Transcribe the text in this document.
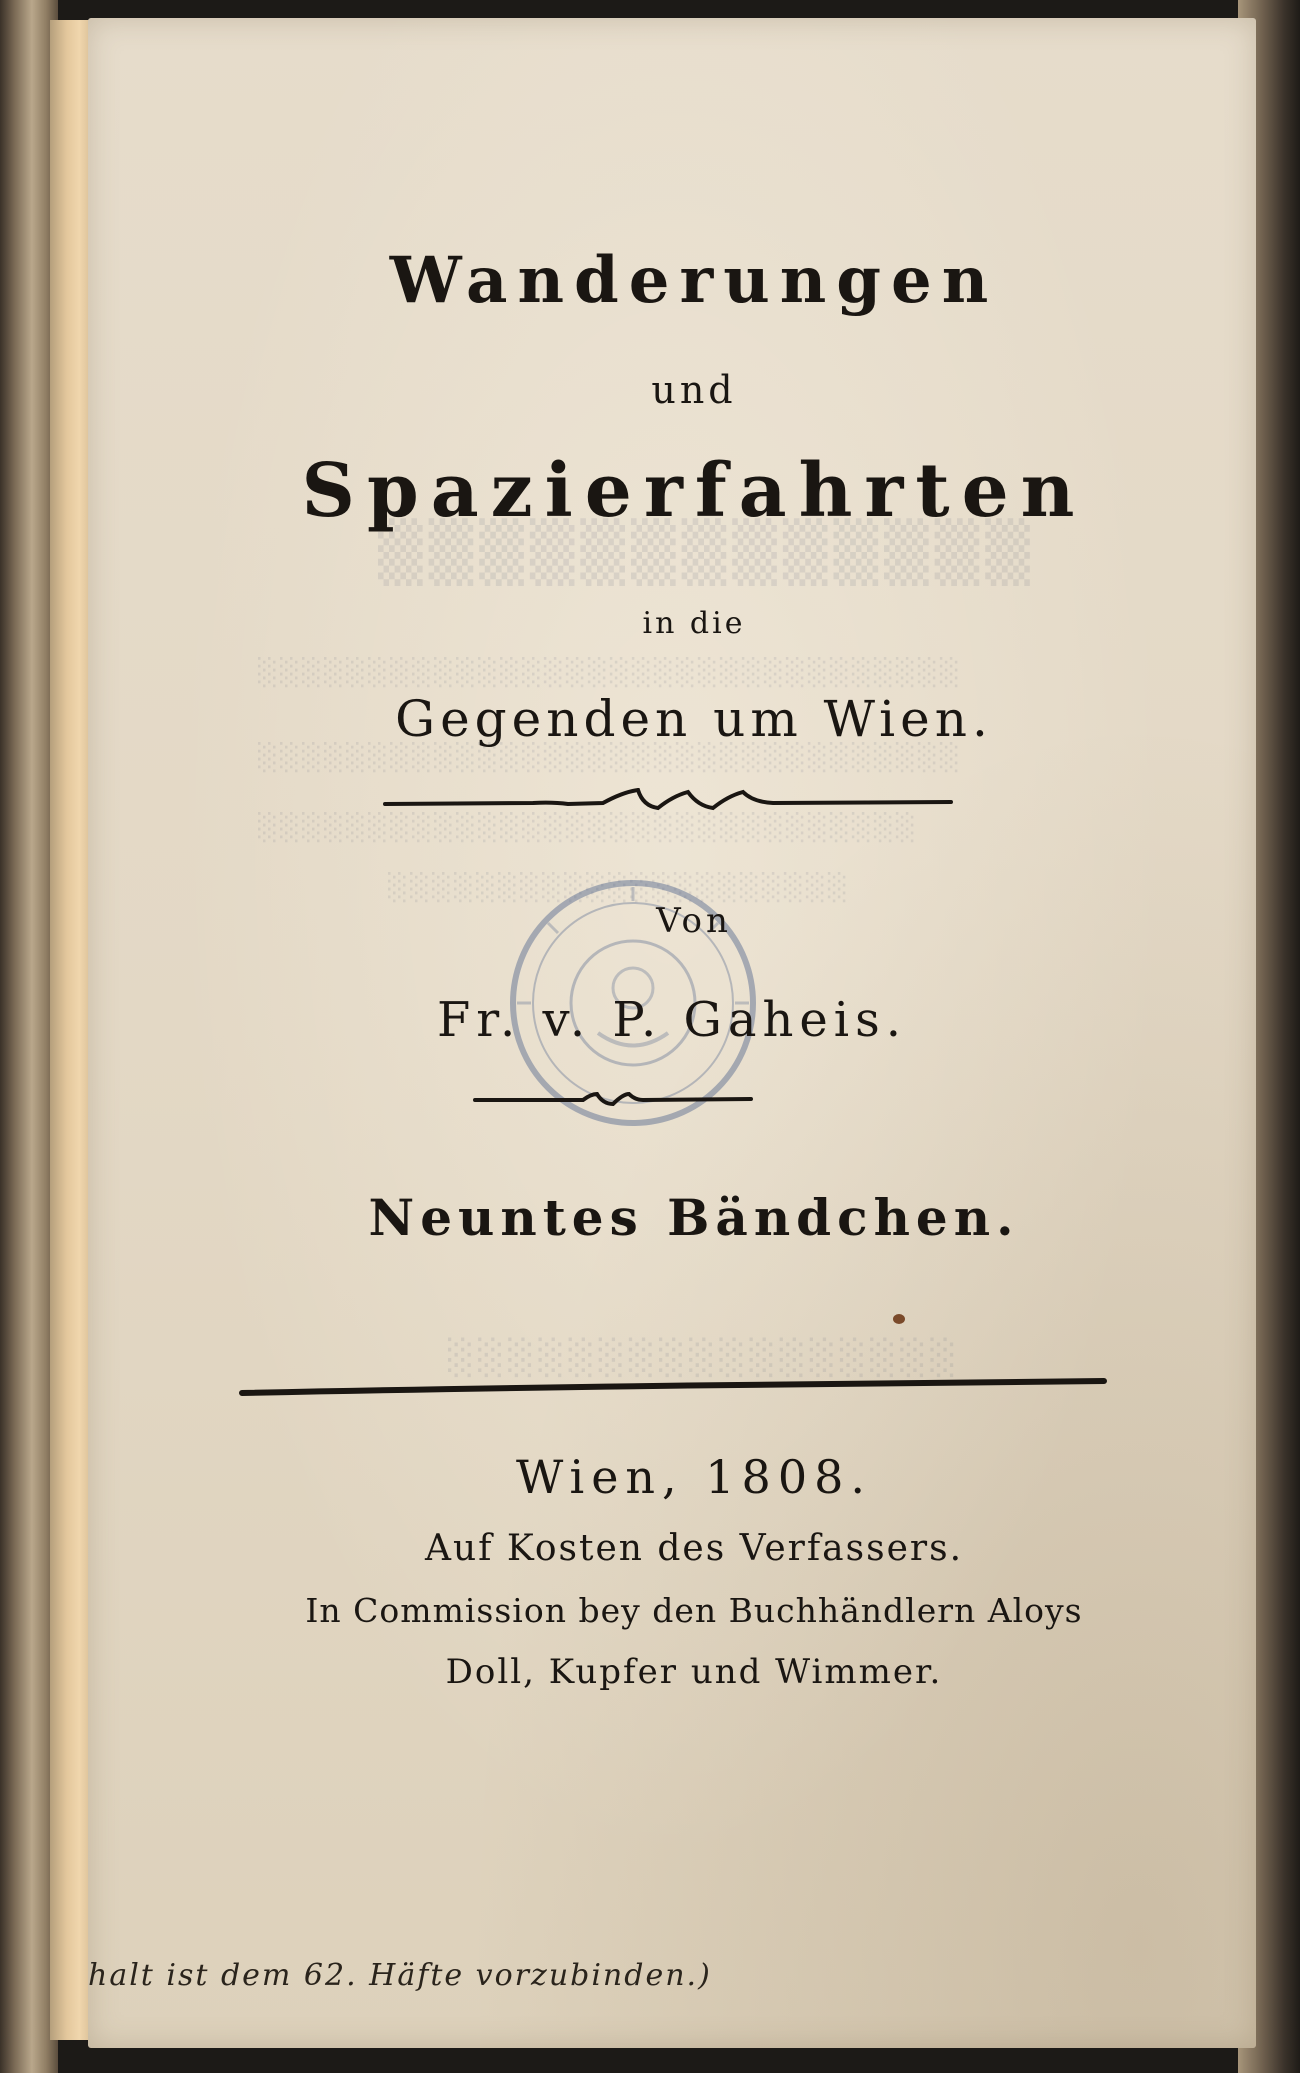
▒▒▒▒▒▒▒▒▒▒▒▒▒
░░░░░░░░░░░░░░░░░░░░░░░░░░░░░░░░
░░░░░░░░░░░░░░░░░░░░░░░░░░░░░░░░
░░░░░░░░░░░░░░░░░░░░░░░░░░░░░░
░░░░░░░░░░░░░░░░░░░░░
░░░░░░░░░░░░░░░░░
Wanderungen
und
Spazierfahrten
in die
Gegenden um Wien.
Von
Fr. v. P. Gaheis.
Neuntes Bändchen.
Wien, 1808.
Auf Kosten des Verfassers.
In Commission bey den Buchhändlern Aloys
Doll, Kupfer und Wimmer.
halt ist dem 62. Häfte vorzubinden.)
